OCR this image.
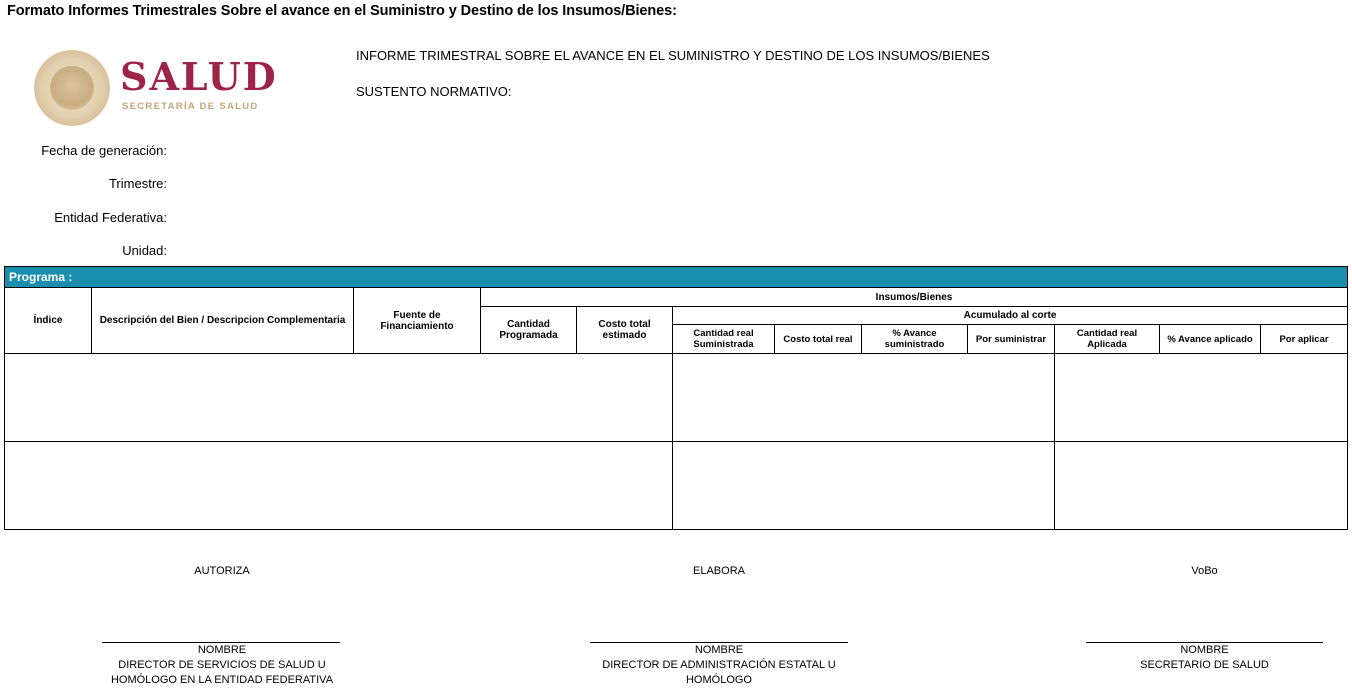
Formato Informes Trimestrales Sobre el avance en el Suministro y Destino de los Insumos/Bienes:
SALUD
SECRETARÍA DE SALUD
INFORME TRIMESTRAL SOBRE EL AVANCE EN EL SUMINISTRO Y DESTINO DE LOS INSUMOS/BIENES
SUSTENTO NORMATIVO:
Fecha de generación:
Trimestre:
Entidad Federativa:
Unidad:
Programa :											
Índice	Descripción del Bien / Descripcion Complementaria	Fuente de Financiamiento	Insumos/Bienes								
			Cantidad Programada	Costo total estimado	Acumulado al corte						
					Cantidad real Suministrada	Costo total real	% Avance suministrado	Por suministrar	Cantidad real Aplicada	% Avance aplicado	Por aplicar

AUTORIZA
NOMBRE
DIRECTOR DE SERVICIOS DE SALUD U
HOMÓLOGO EN LA ENTIDAD FEDERATIVA
ELABORA
NOMBRE
DIRECTOR DE ADMINISTRACIÓN ESTATAL U
HOMÓLOGO
VoBo
NOMBRE
SECRETARIO DE SALUD
